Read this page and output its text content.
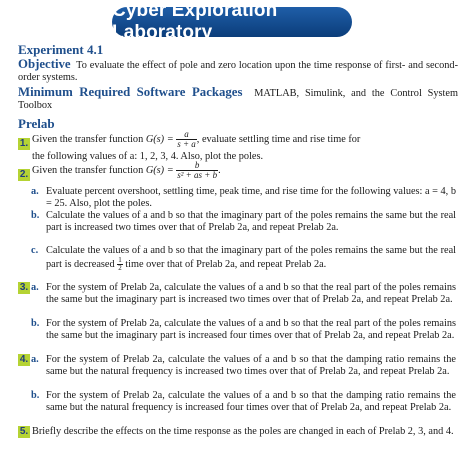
Cyber Exploration Laboratory
Experiment 4.1
Objective To evaluate the effect of pole and zero location upon the time response of first- and second-order systems.
Minimum Required Software Packages MATLAB, Simulink, and the Control System Toolbox
Prelab
1. Given the transfer function $G(s) = \frac{a}{s + a}$ , evaluate settling time and rise time for
the following values of a: 1, 2, 3, 4. Also, plot the poles.
2. Given the transfer function $G(s) = \frac{b}{\text{s² + as + b}}$ .
a. Evaluate percent overshoot, settling time, peak time, and rise time for the following values: a = 4, b = 25. Also, plot the poles.
b. Calculate the values of a and b so that the imaginary part of the poles remains the same but the real part is increased two times over that of Prelab 2a, and repeat Prelab 2a.
c. Calculate the values of a and b so that the imaginary part of the poles remains the same but the real part is decreased $\frac{1}{2}$ time over that of Prelab 2a, and repeat Prelab 2a.
3. a. For the system of Prelab 2a, calculate the values of a and b so that the real part of the poles remains the same but the imaginary part is increased two times over that of Prelab 2a, and repeat Prelab 2a.
b. For the system of Prelab 2a, calculate the values of a and b so that the real part of the poles remains the same but the imaginary part is increased four times over that of Prelab 2a, and repeat Prelab 2a.
4. a. For the system of Prelab 2a, calculate the values of a and b so that the damping ratio remains the same but the natural frequency is increased two times over that of Prelab 2a, and repeat Prelab 2a.
b. For the system of Prelab 2a, calculate the values of a and b so that the damping ratio remains the same but the natural frequency is increased four times over that of Prelab 2a, and repeat Prelab 2a.
5. Briefly describe the effects on the time response as the poles are changed in each of Prelab 2, 3, and 4.
